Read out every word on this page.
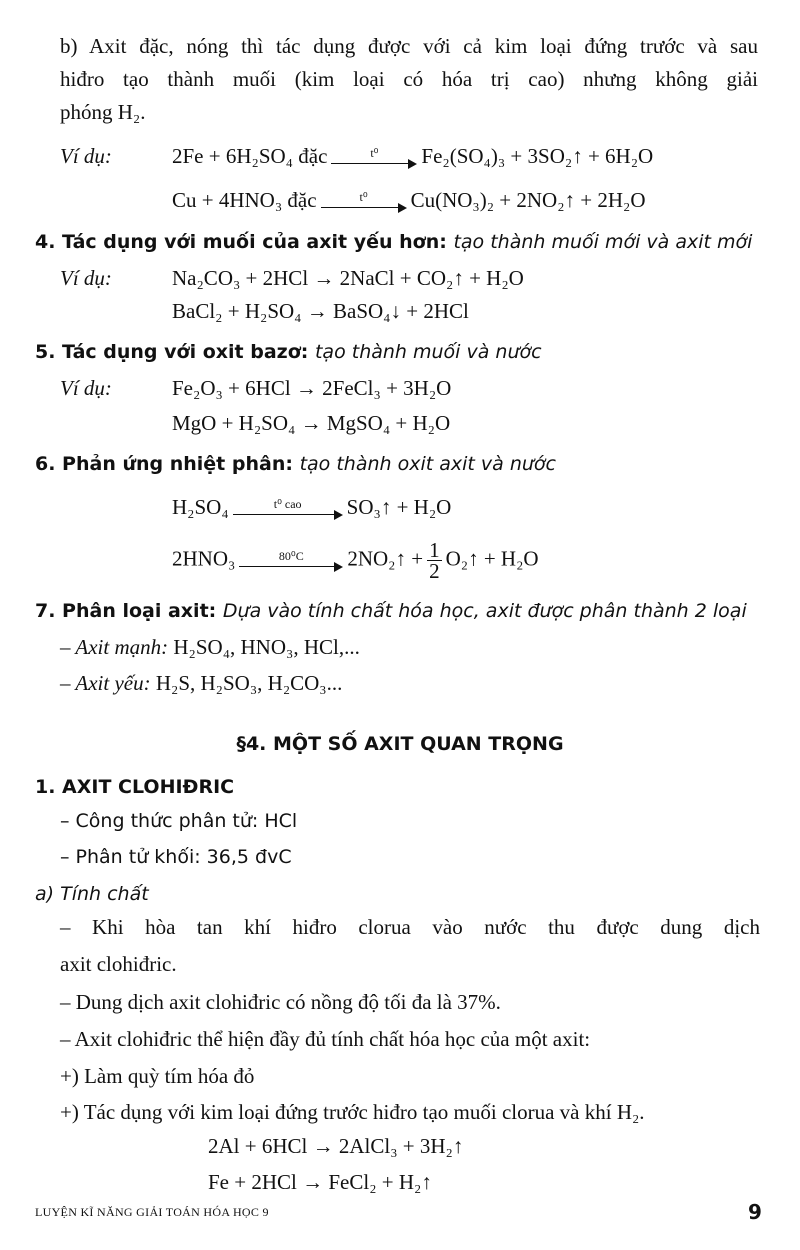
b) Axit đặc, nóng thì tác dụng được với cả kim loại đứng trước và sau
hiđro tạo thành muối (kim loại có hóa trị cao) nhưng không giải
phóng H₂.
Ví dụ:	2Fe + 6H₂SO₄ đặc	t⁰	Fe₂(SO₄)₃ + 3SO₂↑ + 6H₂O
Cu + 4HNO₃ đặc	t⁰	Cu(NO₃)₂ + 2NO₂↑ + 2H₂O
4. Tác dụng với muối của axit yếu hơn: tạo thành muối mới và axit mới
Ví dụ:	Na₂CO₃ + 2HCl → 2NaCl + CO₂↑ + H₂O
BaCl₂ + H₂SO₄ → BaSO₄↓ + 2HCl
5. Tác dụng với oxit bazơ: tạo thành muối và nước
Ví dụ:	Fe₂O₃ + 6HCl → 2FeCl₃ + 3H₂O
MgO + H₂SO₄ → MgSO₄ + H₂O
6. Phản ứng nhiệt phân: tạo thành oxit axit và nước
H₂SO₄	t⁰ cao	SO₃↑ + H₂O
2HNO₃	80⁰C	2NO₂↑ + $\frac{1}{2}$ O₂↑ + H₂O
7. Phân loại axit: Dựa vào tính chất hóa học, axit được phân thành 2 loại
– Axit mạnh: H₂SO₄, HNO₃, HCl,...
– Axit yếu: H₂S, H₂SO₃, H₂CO₃...
§4. MỘT SỐ AXIT QUAN TRỌNG
1. AXIT CLOHIĐRIC
– Công thức phân tử: HCl
– Phân tử khối: 36,5 đvC
a) Tính chất
– Khi hòa tan khí hiđro clorua vào nước thu được dung dịch
axit clohiđric.
– Dung dịch axit clohiđric có nồng độ tối đa là 37%.
– Axit clohiđric thể hiện đầy đủ tính chất hóa học của một axit:
+) Làm quỳ tím hóa đỏ
+) Tác dụng với kim loại đứng trước hiđro tạo muối clorua và khí H₂.
2Al + 6HCl → 2AlCl₃ + 3H₂↑
Fe + 2HCl → FeCl₂ + H₂↑
LUYỆN KĨ NĂNG GIẢI TOÁN HÓA HỌC 9	9
